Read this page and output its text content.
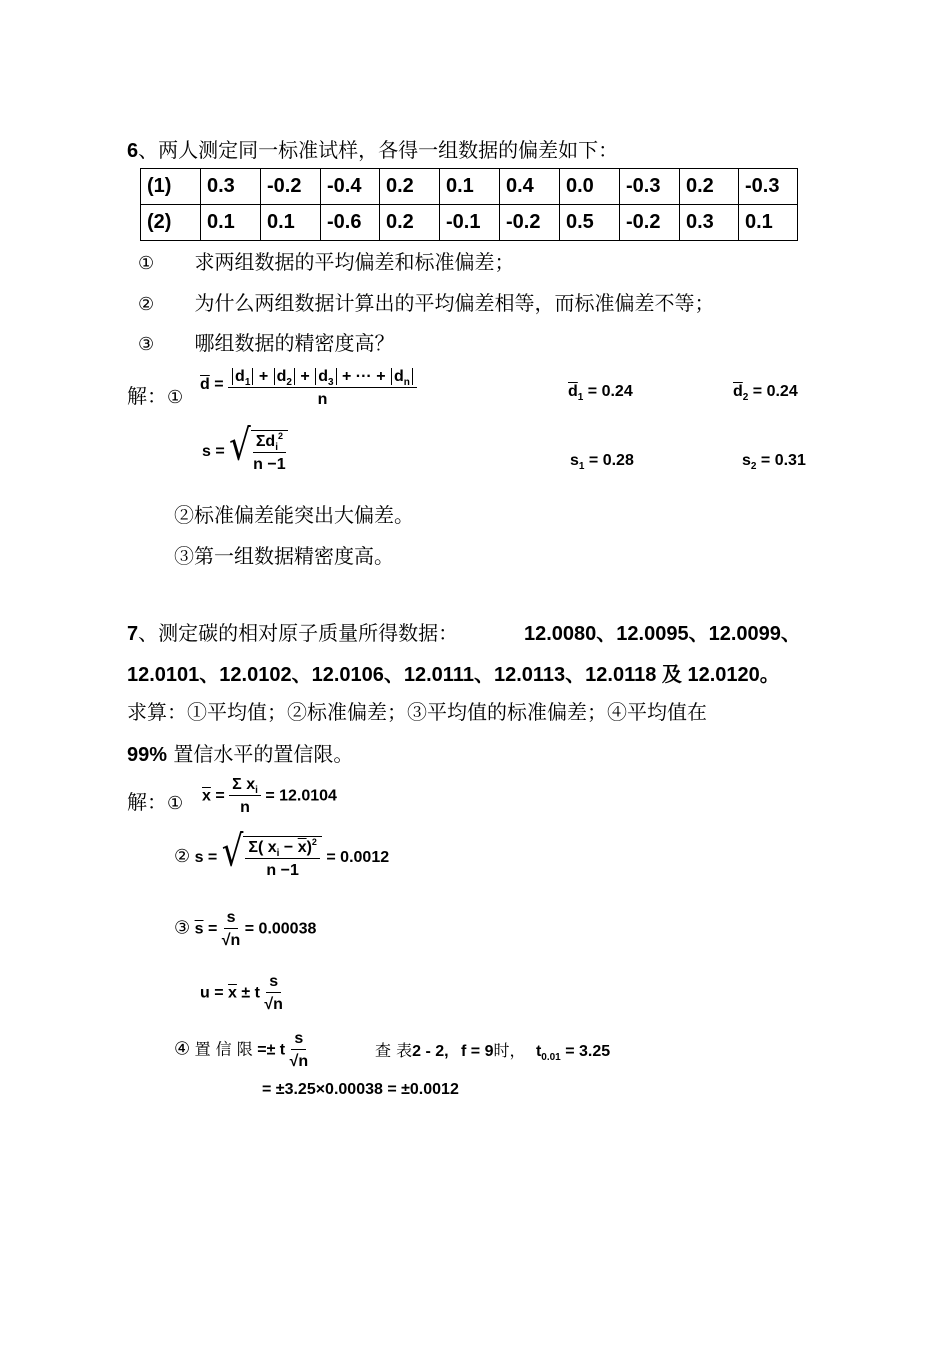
6、两人测定同一标准试样，各得一组数据的偏差如下：
(1)	0.3	-0.2	-0.4	0.2	0.1	0.4	0.0	-0.3	0.2	-0.3
(2)	0.1	0.1	-0.6	0.2	-0.1	-0.2	0.5	-0.2	0.3	0.1
① 求两组数据的平均偏差和标准偏差；
② 为什么两组数据计算出的平均偏差相等，而标准偏差不等；
③ 哪组数据的精密度高？
解：①
$\overline{d} = \frac{d_1 + d_2 + d_3 + \cdot\cdot\cdot + d_n}{n}$	$\overline{d}_1 = 0.24$	$\overline{d}_2 = 0.24$
s = √ $\frac{\Sigma d_i^2}{n -1}$	$s_1 = 0.28$	$s_2 = 0.31$
②标准偏差能突出大偏差。
③第一组数据精密度高。
7、测定碳的相对原子质量所得数据：	12.0080、12.0095、12.0099、
12.0101、12.0102、12.0106、12.0111、12.0113、12.0118 及 12.0120。
求算：①平均值；②标准偏差；③平均值的标准偏差；④平均值在
99% 置信水平的置信限。
解：① $\overline{x} = \frac{\Sigma x_i}{n} = 12.0104$
② s = √ $\frac{\Sigma( x_i - \overline{x})^2}{n -1} = 0.0012$
③ $\overline{s} = \frac{s}{√n} = 0.00038$
$u = \overline{x} \pm t \frac{s}{√n}$
④ 置 信 限 =± t $\frac{s}{√n}$	查 表2 - 2, f = 9时， $t_{0.01} = 3.25$
= ±3.25×0.00038 = ±0.0012
